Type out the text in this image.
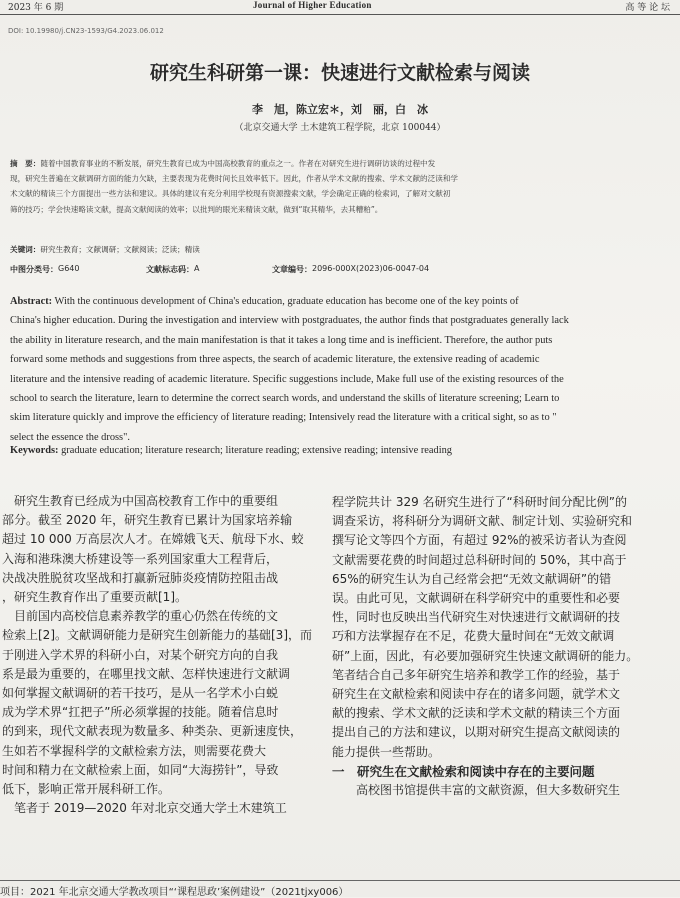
2023 年 6 期	Journal of Higher Education	高 等 论 坛
DOI: 10.19980/j.CN23-1593/G4.2023.06.012
研究生科研第一课：快速进行文献检索与阅读
李　旭，陈立宏＊，刘　丽，白　冰
（北京交通大学 土木建筑工程学院，北京 100044）
摘　要：随着中国教育事业的不断发展，研究生教育已成为中国高校教育的重点之一。作者在对研究生进行调研访谈的过程中发
现，研究生普遍在文献调研方面的能力欠缺，主要表现为花费时间长且效率低下。因此，作者从学术文献的搜索、学术文献的泛读和学
术文献的精读三个方面提出一些方法和建议。具体的建议有充分利用学校现有资源搜索文献，学会确定正确的检索词，了解对文献初
筛的技巧；学会快速略读文献，提高文献阅读的效率；以批判的眼光来精读文献，做到“取其精华，去其糟粕”。
关键词：研究生教育；文献调研；文献阅读；泛读；精读
中图分类号： G640	文献标志码： A	文章编号： 2096-000X(2023)06-0047-04
Abstract: With the continuous development of China's education, graduate education has become one of the key points of
China's higher education. During the investigation and interview with postgraduates, the author finds that postgraduates generally lack
the ability in literature research, and the main manifestation is that it takes a long time and is inefficient. Therefore, the author puts
forward some methods and suggestions from three aspects, the search of academic literature, the extensive reading of academic
literature and the intensive reading of academic literature. Specific suggestions include, Make full use of the existing resources of the
school to search the literature, learn to determine the correct search words, and understand the skills of literature screening; Learn to
skim literature quickly and improve the efficiency of literature reading; Intensively read the literature with a critical sight, so as to "
select the essence the dross".
Keywords: graduate education; literature research; literature reading; extensive reading; intensive reading
　研究生教育已经成为中国高校教育工作中的重要组
部分。截至 2020 年，研究生教育已累计为国家培养输
超过 10 000 万高层次人才。在嫦娥飞天、航母下水、蛟
入海和港珠澳大桥建设等一系列国家重大工程背后，
决战决胜脱贫攻坚战和打赢新冠肺炎疫情防控阻击战
，研究生教育作出了重要贡献[1]。
　目前国内高校信息素养教学的重心仍然在传统的文
检索上[2]。文献调研能力是研究生创新能力的基础[3]，而
于刚进入学术界的科研小白，对某个研究方向的自我
系是最为重要的，在哪里找文献、怎样快速进行文献调
如何掌握文献调研的若干技巧，是从一名学术小白蜕
成为学术界“扛把子”所必须掌握的技能。随着信息时
的到来，现代文献表现为数量多、种类杂、更新速度快，
生如若不掌握科学的文献检索方法，则需要花费大
时间和精力在文献检索上面，如同“大海捞针”，导致
低下，影响正常开展科研工作。
　笔者于 2019—2020 年对北京交通大学土木建筑工
程学院共计 329 名研究生进行了“科研时间分配比例”的
调查采访，将科研分为调研文献、制定计划、实验研究和
撰写论文等四个方面，有超过 92%的被采访者认为查阅
文献需要花费的时间超过总科研时间的 50%，其中高于
65%的研究生认为自己经常会把“无效文献调研”的错
误。由此可见，文献调研在科学研究中的重要性和必要
性，同时也反映出当代研究生对快速进行文献调研的技
巧和方法掌握存在不足，花费大量时间在“无效文献调
研”上面，因此，有必要加强研究生快速文献调研的能力。
笔者结合自己多年研究生培养和教学工作的经验，基于
研究生在文献检索和阅读中存在的诸多问题，就学术文
献的搜索、学术文献的泛读和学术文献的精读三个方面
提出自己的方法和建议，以期对研究生提高文献阅读的
能力提供一些帮助。
一　研究生在文献检索和阅读中存在的主要问题
　　高校图书馆提供丰富的文献资源，但大多数研究生
项目：2021 年北京交通大学教改项目“‘课程思政’案例建设”（2021tjxy006）
